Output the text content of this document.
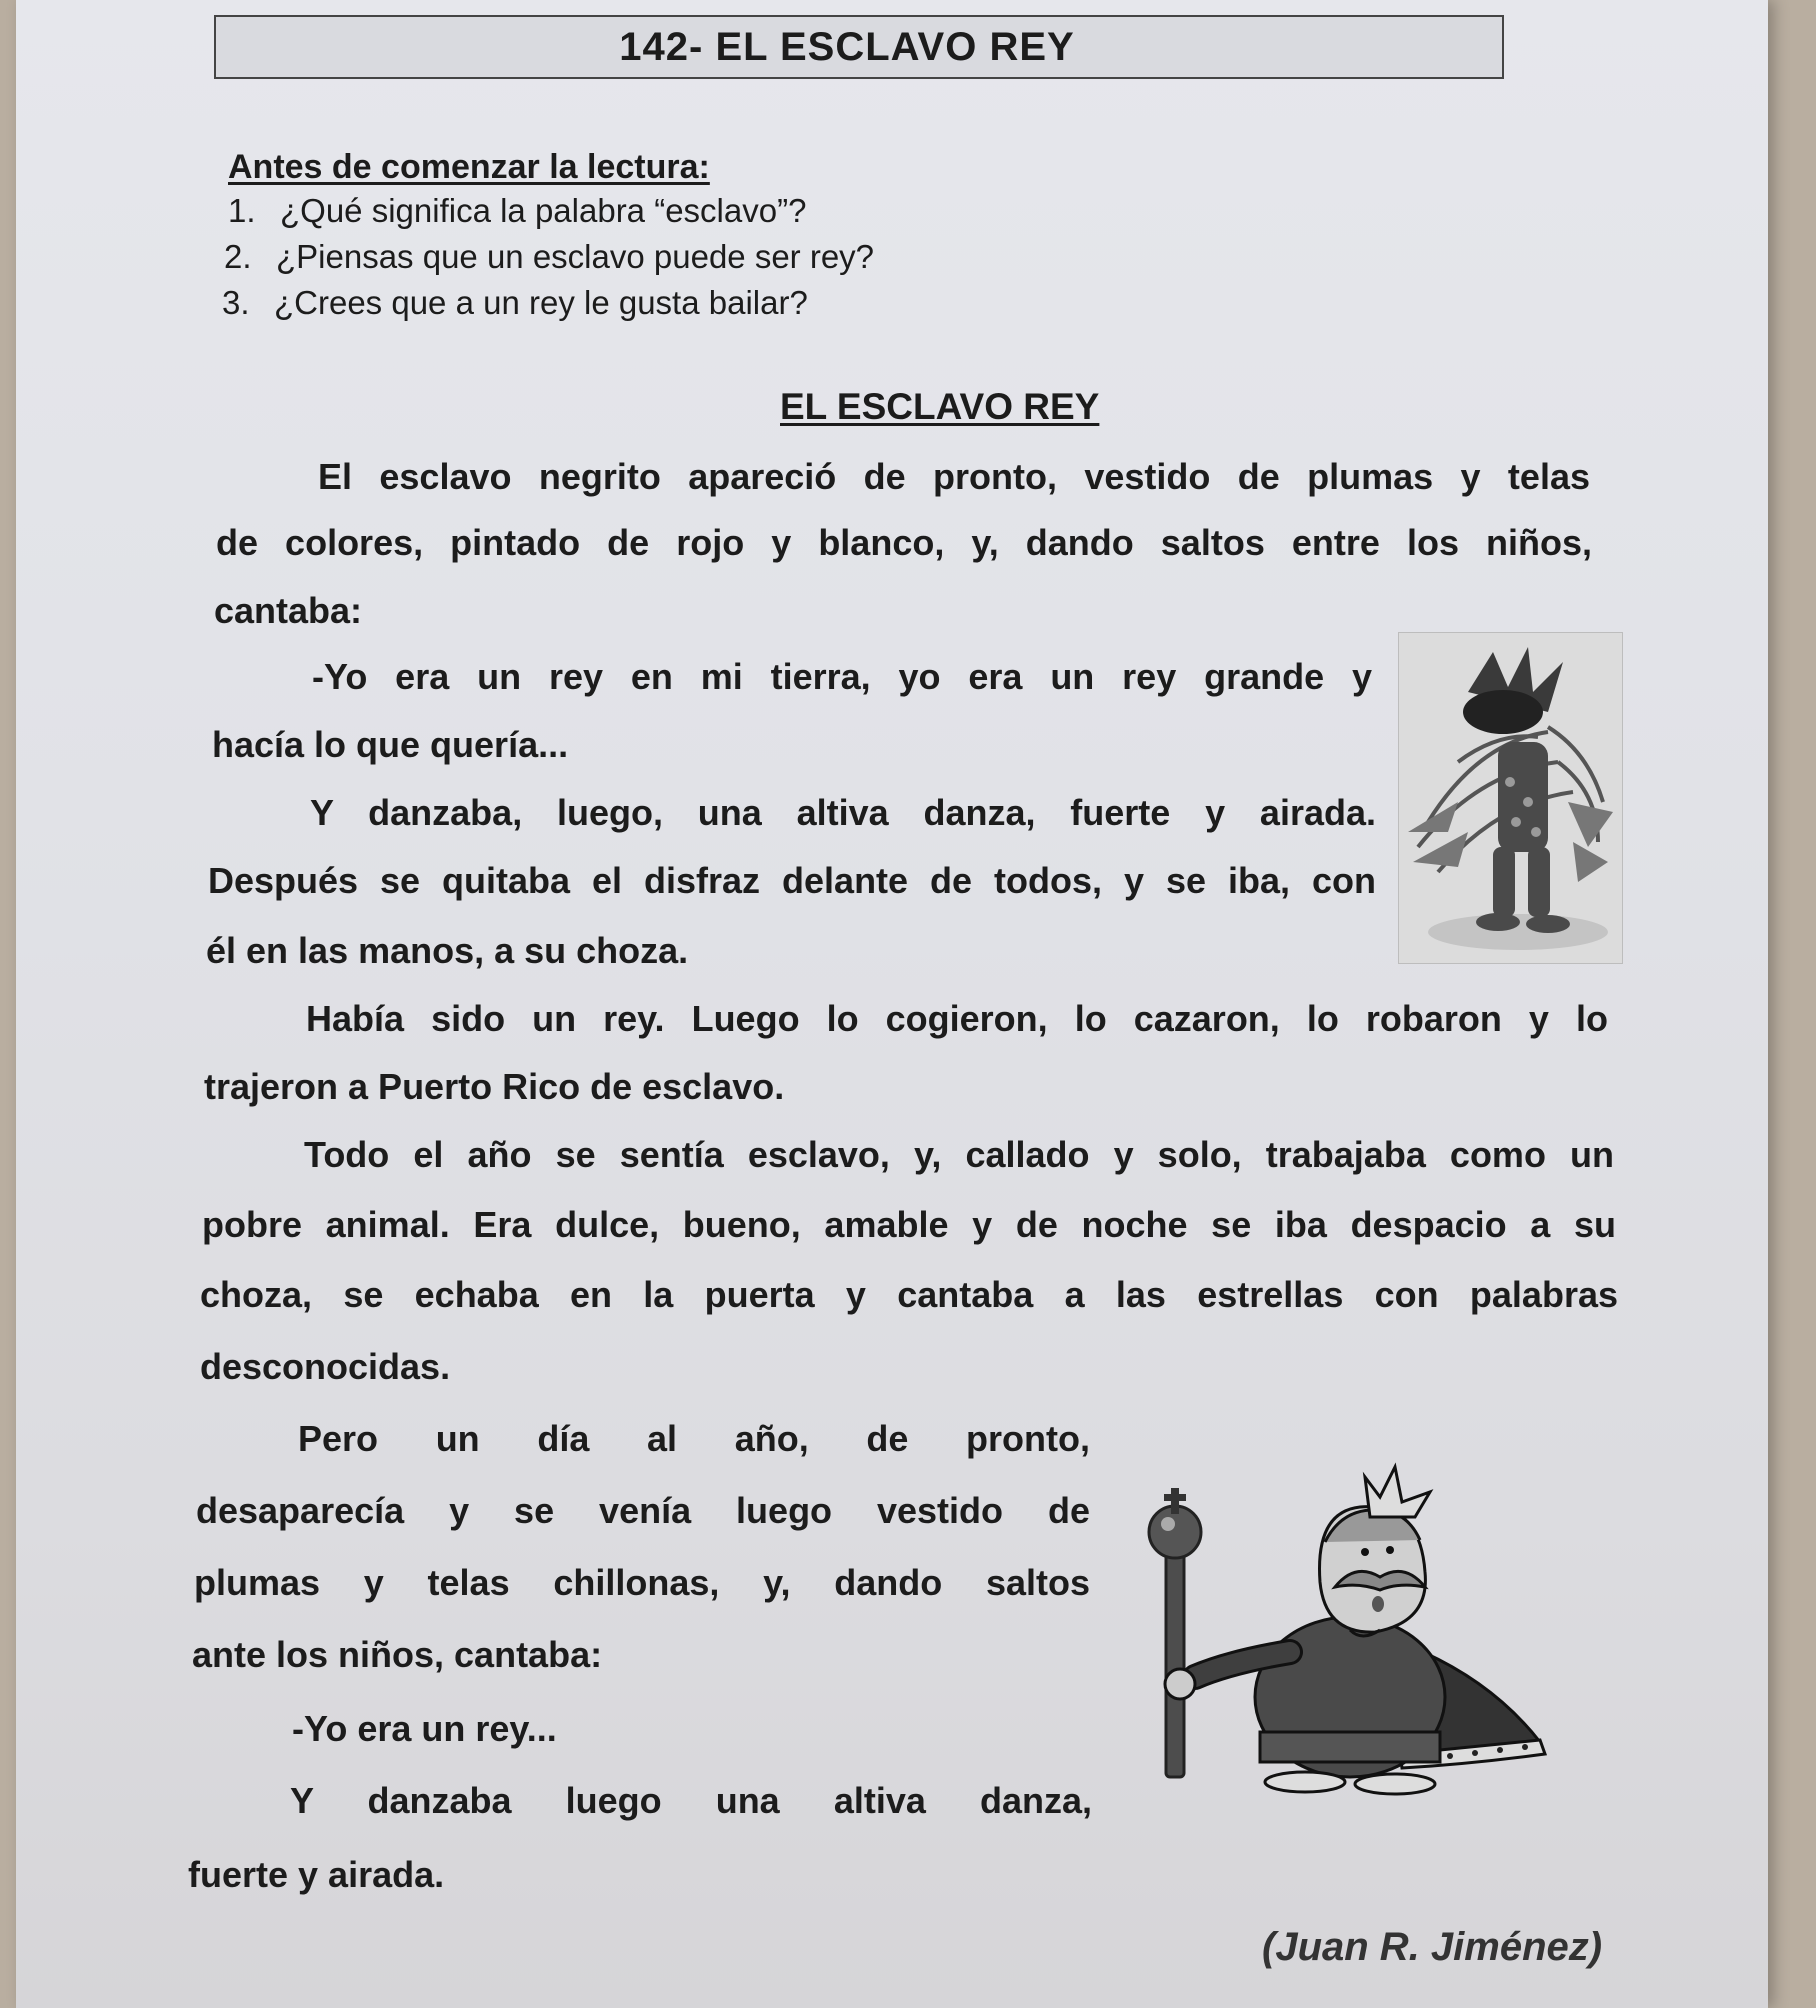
142- EL ESCLAVO REY
Antes de comenzar la lectura:
1. ¿Qué significa la palabra “esclavo”?
2. ¿Piensas que un esclavo puede ser rey?
3. ¿Crees que a un rey le gusta bailar?
EL ESCLAVO REY
El esclavo negrito apareció de pronto, vestido de plumas y telas
de colores, pintado de rojo y blanco, y, dando saltos entre los niños,
cantaba:
-Yo era un rey en mi tierra, yo era un rey grande y
hacía lo que quería...
Y danzaba, luego, una altiva danza, fuerte y airada.
Después se quitaba el disfraz delante de todos, y se iba, con
él en las manos, a su choza.
Había sido un rey. Luego lo cogieron, lo cazaron, lo robaron y lo
trajeron a Puerto Rico de esclavo.
Todo el año se sentía esclavo, y, callado y solo, trabajaba como un
pobre animal. Era dulce, bueno, amable y de noche se iba despacio a su
choza, se echaba en la puerta y cantaba a las estrellas con palabras
desconocidas.
Pero un día al año, de pronto,
desaparecía y se venía luego vestido de
plumas y telas chillonas, y, dando saltos
ante los niños, cantaba:
-Yo era un rey...
Y danzaba luego una altiva danza,
fuerte y airada.
(Juan R. Jiménez)
